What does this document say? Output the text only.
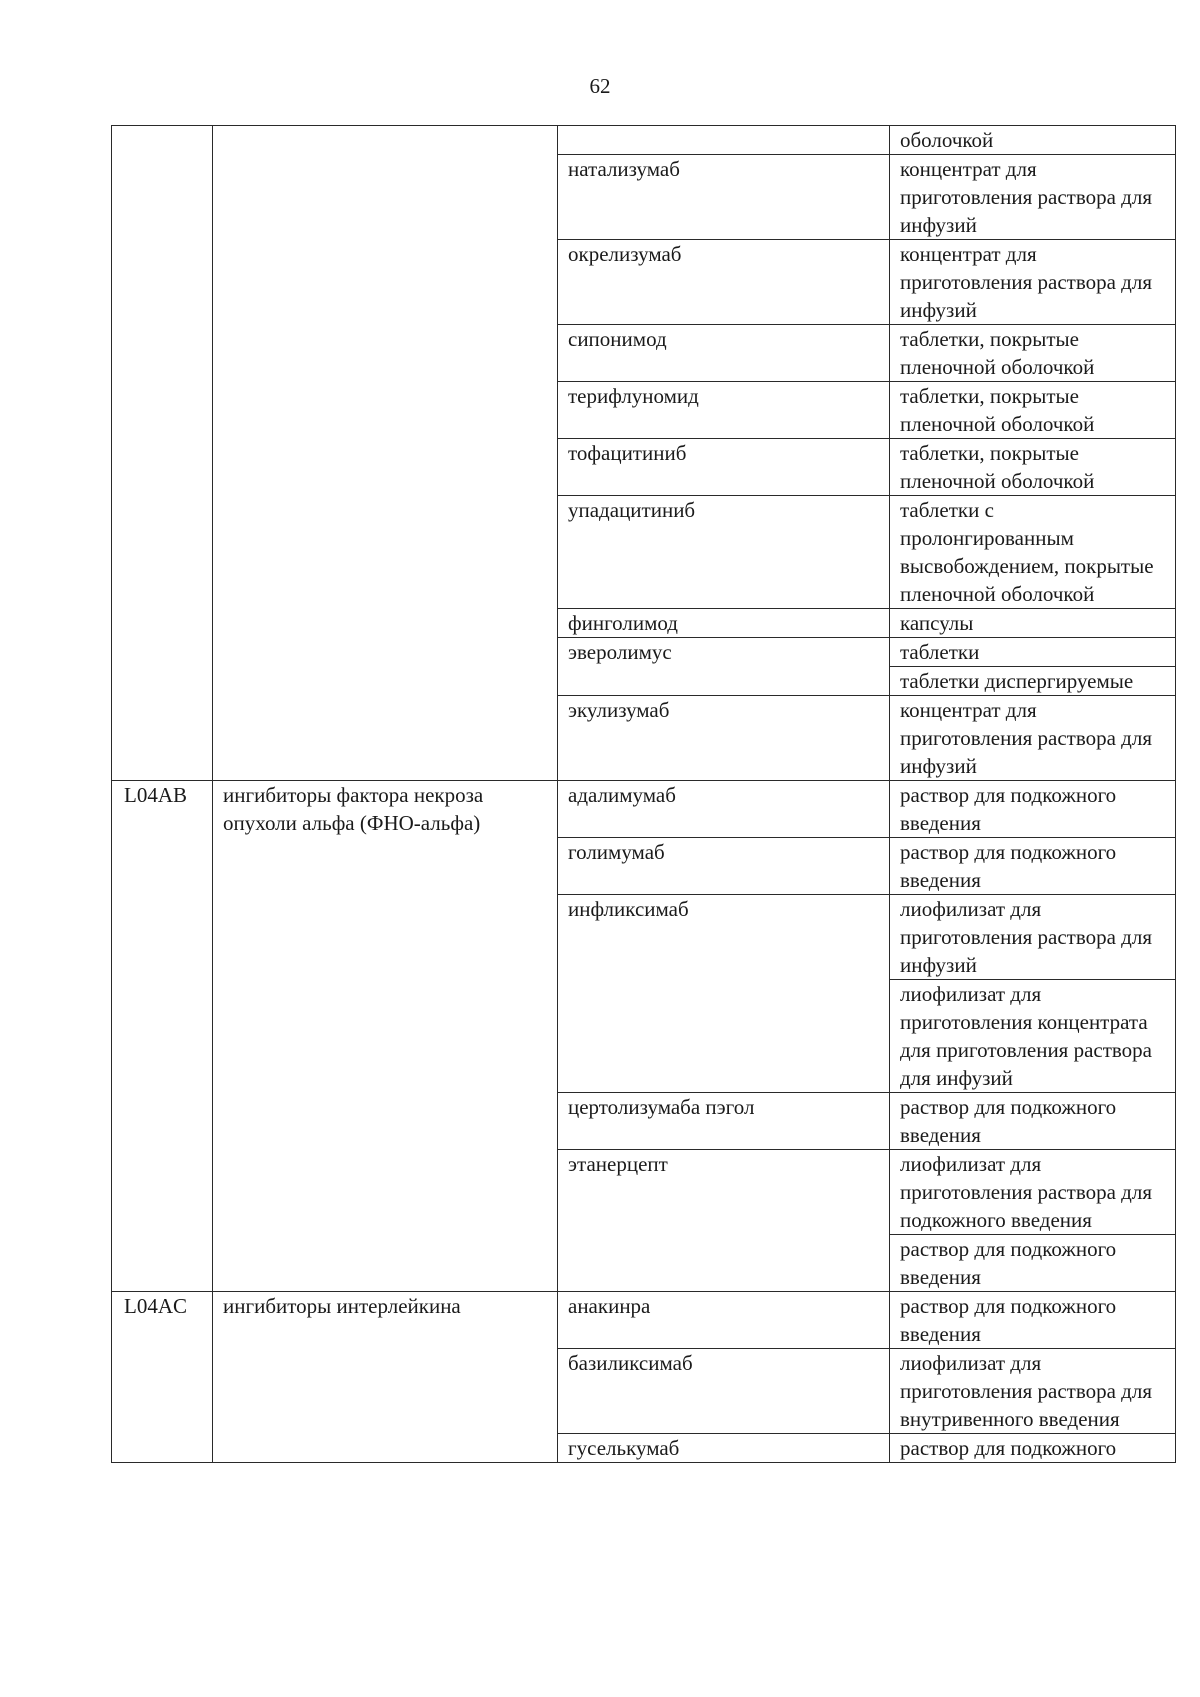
62
			оболочкой
		натализумаб	концентрат для приготовления раствора для инфузий
		окрелизумаб	концентрат для приготовления раствора для инфузий
		сипонимод	таблетки, покрытые пленочной оболочкой
		терифлуномид	таблетки, покрытые пленочной оболочкой
		тофацитиниб	таблетки, покрытые пленочной оболочкой
		упадацитиниб	таблетки с пролонгированным высвобождением, покрытые пленочной оболочкой
		финголимод	капсулы
		эверолимус	таблетки
			таблетки диспергируемые
		экулизумаб	концентрат для приготовления раствора для инфузий
L04AB	ингибиторы фактора некроза опухоли альфа (ФНО-альфа)	адалимумаб	раствор для подкожного введения
		голимумаб	раствор для подкожного введения
		инфликсимаб	лиофилизат для приготовления раствора для инфузий
			лиофилизат для приготовления концентрата для приготовления раствора для инфузий
		цертолизумаба пэгол	раствор для подкожного введения
		этанерцепт	лиофилизат для приготовления раствора для подкожного введения
			раствор для подкожного введения
L04AC	ингибиторы интерлейкина	анакинра	раствор для подкожного введения
		базиликсимаб	лиофилизат для приготовления раствора для внутривенного введения
		гуселькумаб	раствор для подкожного
